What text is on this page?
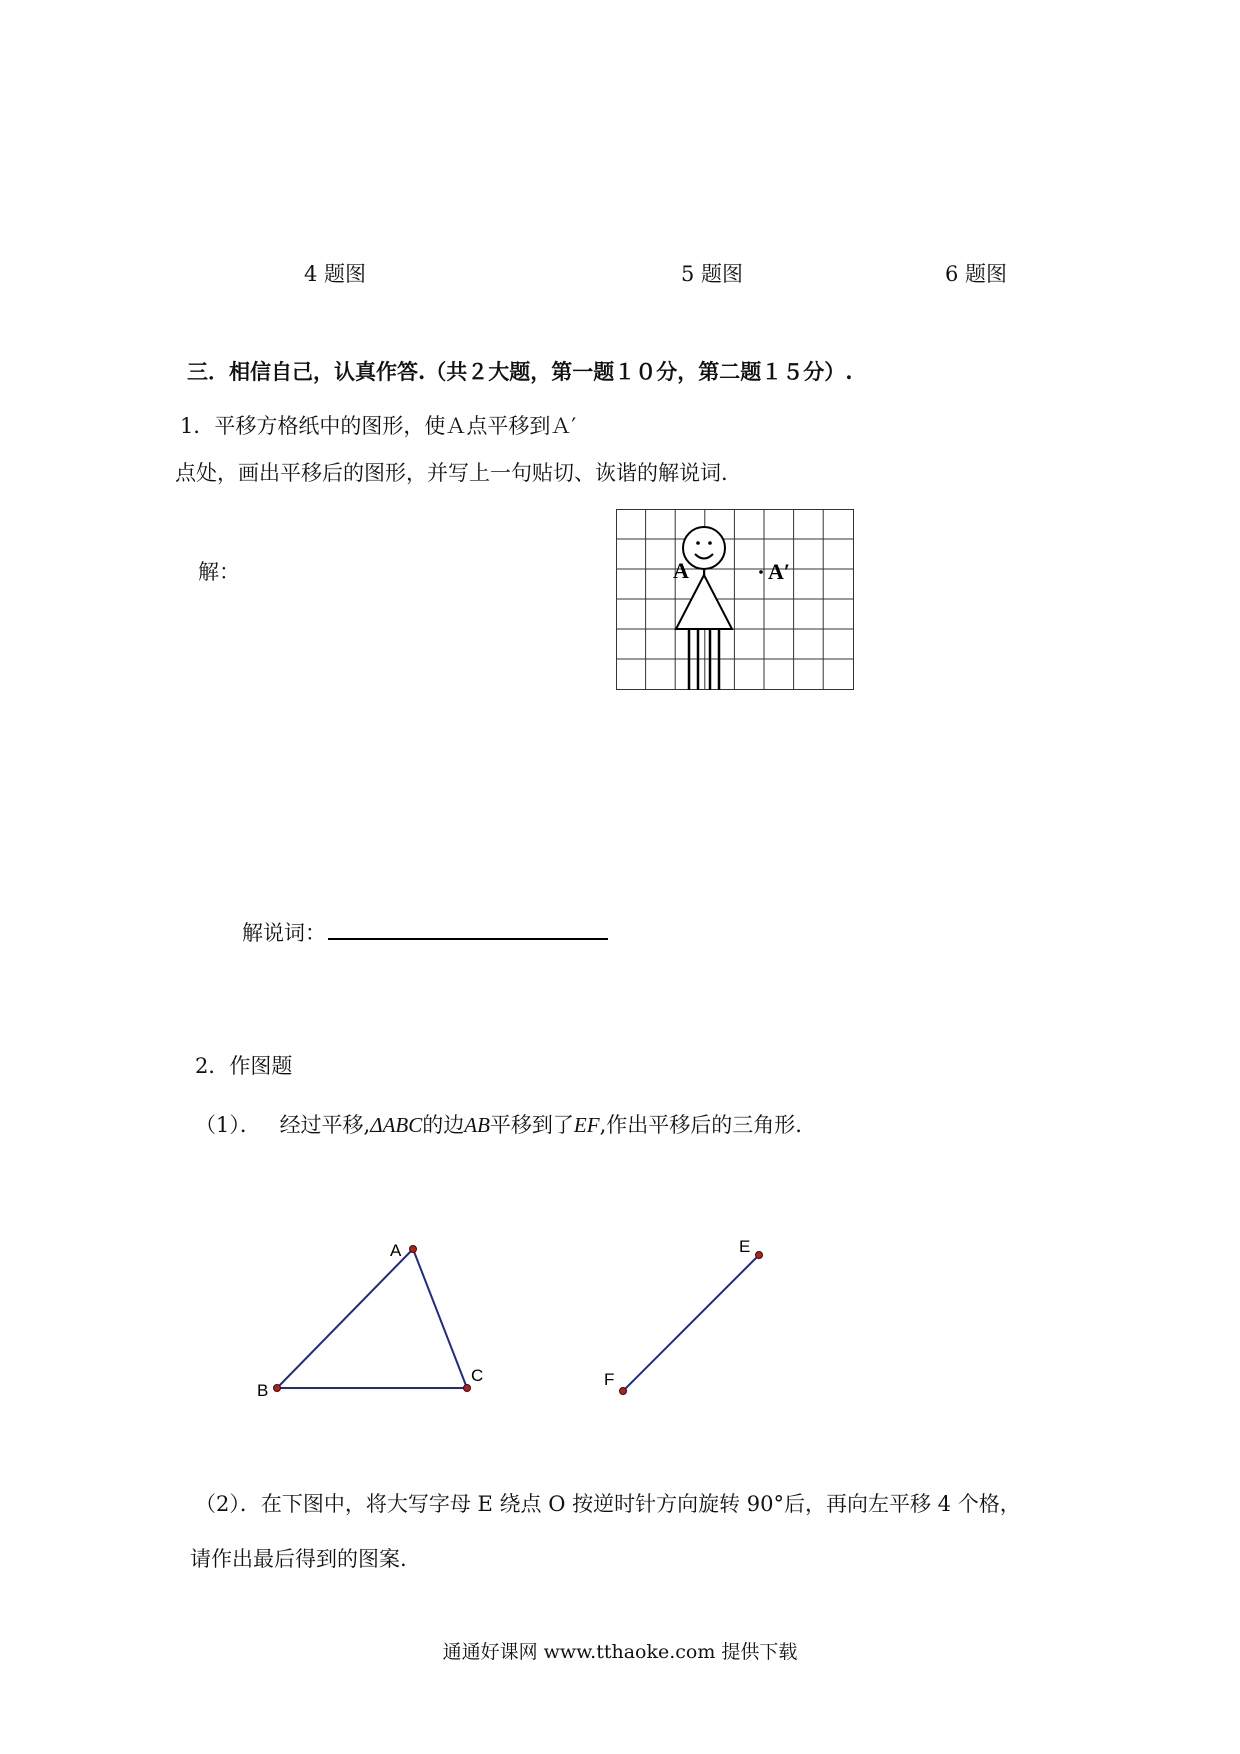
4 题图	5 题图	6 题图
三．相信自己，认真作答.（共２大题，第一题１０分，第二题１５分）.
1．平移方格纸中的图形，使Ａ点平移到Ａ′
点处，画出平移后的图形，并写上一句贴切、诙谐的解说词.
解：	A	A′
解说词：
2．作图题
（1）． 经过平移,ΔABC的边AB平移到了EF,作出平移后的三角形.
A
B
C
E
F
（2）．在下图中，将大写字母 E 绕点 O 按逆时针方向旋转 90°后，再向左平移 4 个格，
请作出最后得到的图案.
通通好课网 www.tthaoke.com 提供下载
